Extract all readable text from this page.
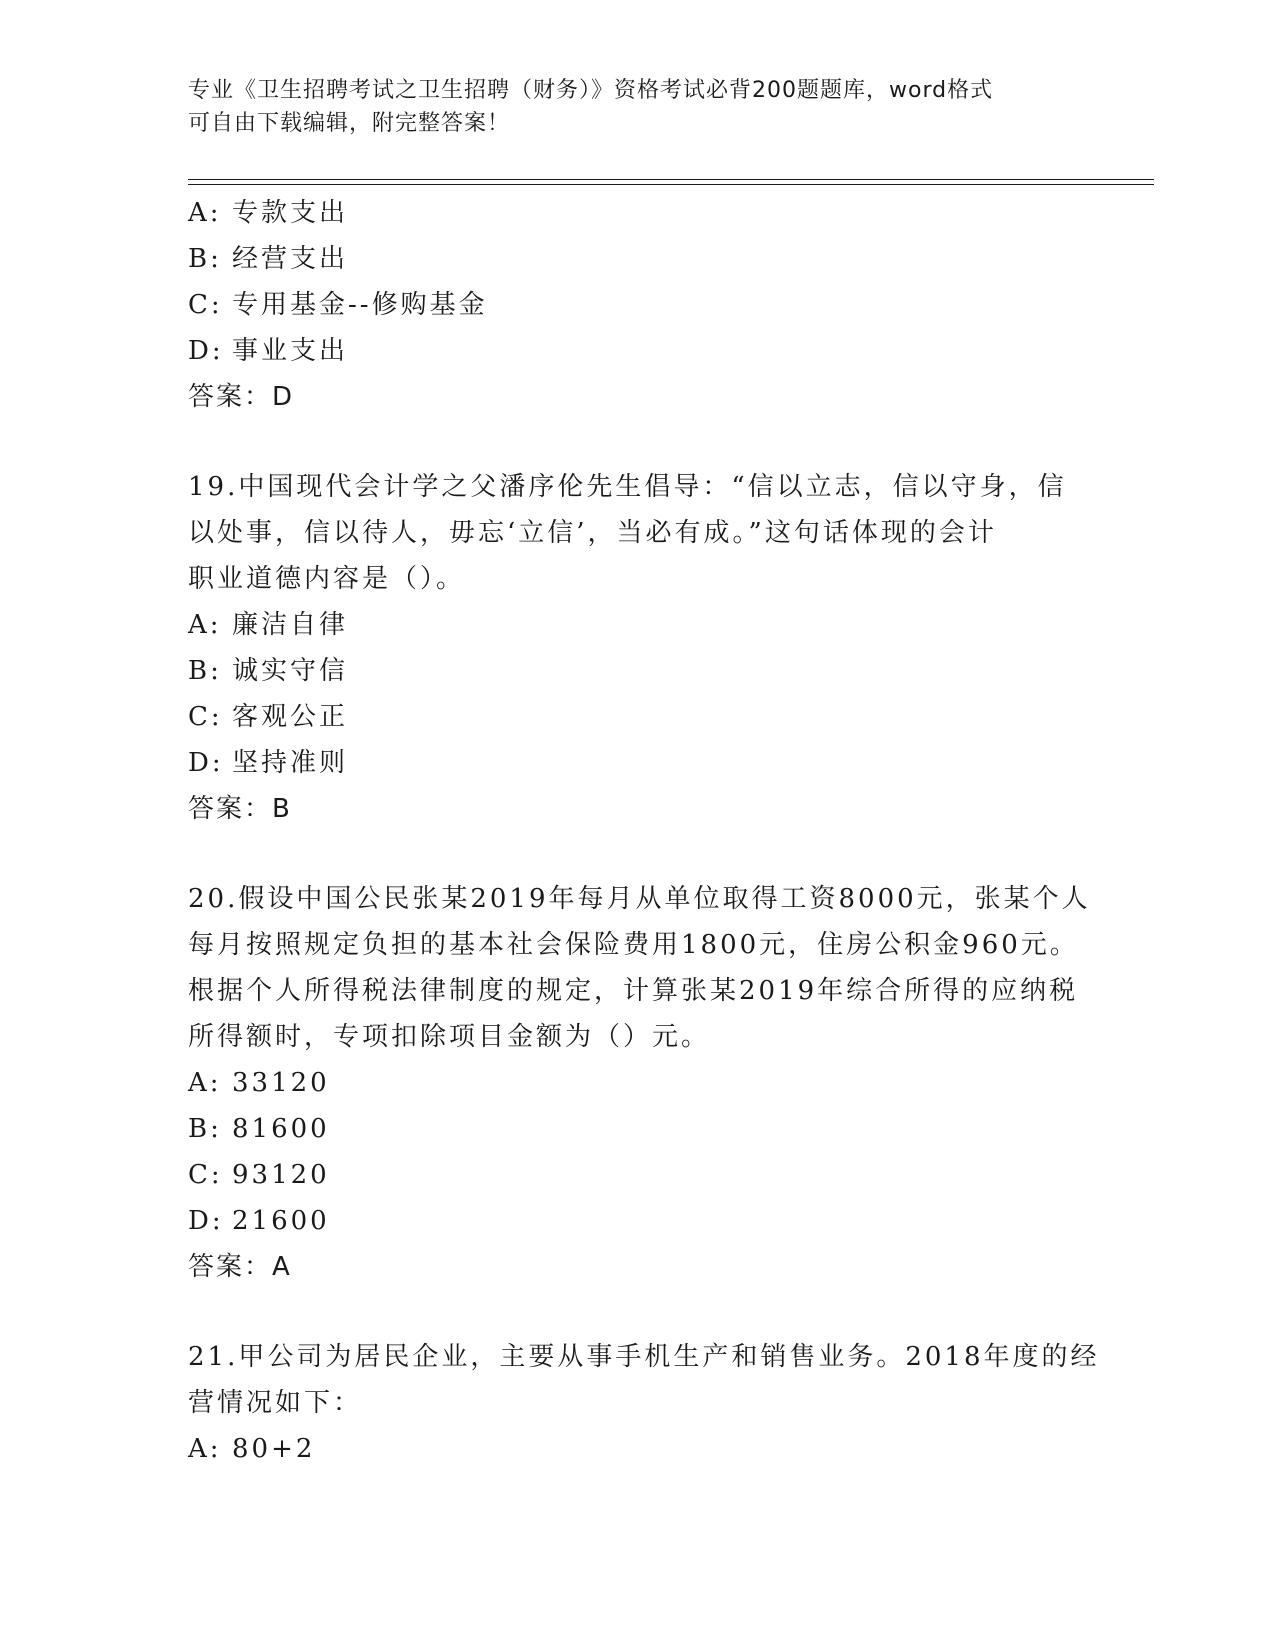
专业《卫生招聘考试之卫生招聘（财务）》资格考试必背200题题库，word格式
可自由下载编辑，附完整答案！
A: 专款支出
B: 经营支出
C: 专用基金--修购基金
D: 事业支出
答案：D
19.中国现代会计学之父潘序伦先生倡导：“信以立志，信以守身，信
以处事，信以待人，毋忘‘立信’，当必有成。”这句话体现的会计
职业道德内容是（）。
A: 廉洁自律
B: 诚实守信
C: 客观公正
D: 坚持准则
答案：B
20.假设中国公民张某2019年每月从单位取得工资8000元，张某个人
每月按照规定负担的基本社会保险费用1800元，住房公积金960元。
根据个人所得税法律制度的规定，计算张某2019年综合所得的应纳税
所得额时，专项扣除项目金额为（）元。
A: 33120
B: 81600
C: 93120
D: 21600
答案：A
21.甲公司为居民企业，主要从事手机生产和销售业务。2018年度的经
营情况如下：
A: 80+2
